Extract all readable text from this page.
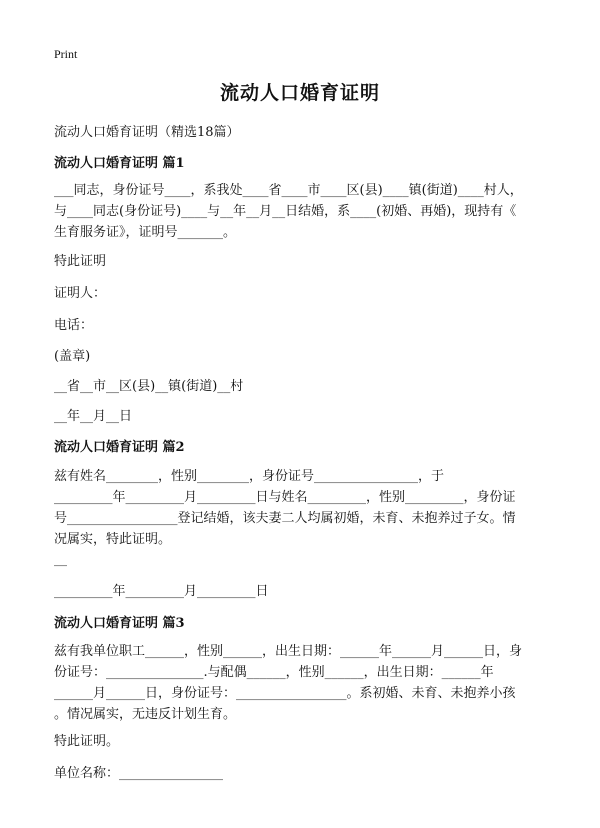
Print
流动人口婚育证明
流动人口婚育证明（精选18篇）
流动人口婚育证明 篇1
___同志，身份证号____，系我处____省____市____区(县)____镇(街道)____村人，
与____同志(身份证号)____与__年__月__日结婚，系____(初婚、再婚)，现持有《
生育服务证》，证明号_______。
特此证明
证明人：
电话：
(盖章)
__省__市__区(县)__镇(街道)__村
__年__月__日
流动人口婚育证明 篇2
兹有姓名________，性别________，身份证号________________，于
_________年_________月_________日与姓名_________，性别_________，身份证
号_________________登记结婚，该夫妻二人均属初婚，未育、未抱养过子女。情
况属实，特此证明。
__
_________年_________月_________日
流动人口婚育证明 篇3
兹有我单位职工______，性别______，出生日期：______年______月______日，身
份证号：_______________.与配偶______，性别______，出生日期：______年
______月______日，身份证号：_________________。系初婚、未育、未抱养小孩
。情况属实，无违反计划生育。
特此证明。
单位名称：________________
